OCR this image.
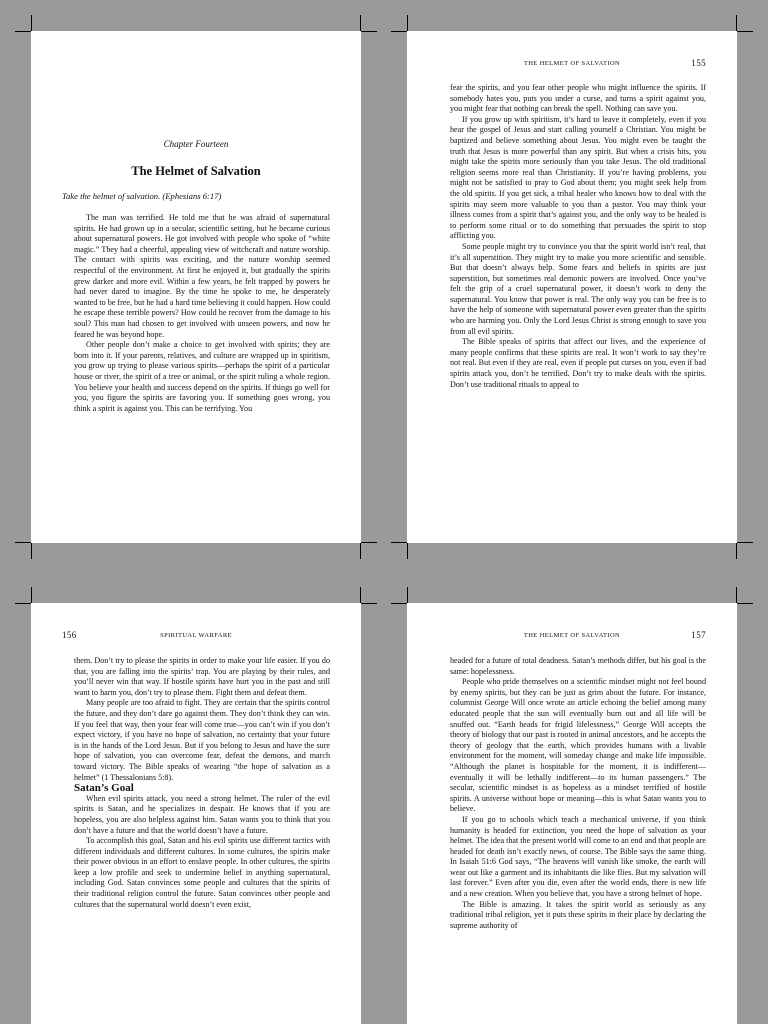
Chapter Fourteen
The Helmet of Salvation
Take the helmet of salvation. (Ephesians 6:17)

The man was terrified. He told me that he was afraid of supernatural spirits. He had grown up in a secular, scientific setting, but he became curious about supernatural powers. He got involved with people who spoke of “white magic.” They had a cheerful, appealing view of witchcraft and nature worship. The contact with spirits was exciting, and the nature worship seemed respectful of the environment. At first he enjoyed it, but gradually the spirits grew darker and more evil. Within a few years, he felt trapped by powers he had never dared to imagine. By the time he spoke to me, he desperately wanted to be free, but he had a hard time believing it could happen. How could he escape these terrible powers? How could he recover from the damage to his soul? This man had chosen to get involved with unseen powers, and now he feared he was beyond hope.

Other people don’t make a choice to get involved with spirits; they are born into it. If your parents, relatives, and culture are wrapped up in spiritism, you grow up trying to please various spirits—perhaps the spirit of a particular house or river, the spirit of a tree or animal, or the spirit ruling a whole region. You believe your health and success depend on the spirits. If things go well for you, you figure the spirits are favoring you. If something goes wrong, you think a spirit is against you. This can be terrifying. You

THE HELMET OF SALVATION	155

fear the spirits, and you fear other people who might influence the spirits. If somebody hates you, puts you under a curse, and turns a spirit against you, you might fear that nothing can break the spell. Nothing can save you.

If you grow up with spiritism, it’s hard to leave it completely, even if you hear the gospel of Jesus and start calling yourself a Christian. You might be baptized and believe something about Jesus. You might even be taught the truth that Jesus is more powerful than any spirit. But when a crisis hits, you might take the spirits more seriously than you take Jesus. The old traditional religion seems more real than Christianity. If you’re having problems, you might not be satisfied to pray to God about them; you might seek help from the old spirits. If you get sick, a tribal healer who knows how to deal with the spirits may seem more valuable to you than a pastor. You may think your illness comes from a spirit that’s against you, and the only way to be healed is to perform some ritual or to do something that persuades the spirit to stop afflicting you.

Some people might try to convince you that the spirit world isn’t real, that it’s all superstition. They might try to make you more scientific and sensible. But that doesn’t always help. Some fears and beliefs in spirits are just superstition, but sometimes real demonic powers are involved. Once you’ve felt the grip of a cruel supernatural power, it doesn’t work to deny the supernatural. You know that power is real. The only way you can be free is to have the help of someone with supernatural power even greater than the spirits who are harming you. Only the Lord Jesus Christ is strong enough to save you from all evil spirits.

The Bible speaks of spirits that affect our lives, and the experience of many people confirms that these spirits are real. It won’t work to say they’re not real. But even if they are real, even if people put curses on you, even if bad spirits attack you, don’t be terrified. Don’t try to make deals with the spirits. Don’t use traditional rituals to appeal to

156	SPIRITUAL WARFARE

them. Don’t try to please the spirits in order to make your life easier. If you do that, you are falling into the spirits’ trap. You are playing by their rules, and you’ll never win that way. If hostile spirits have hurt you in the past and still want to harm you, don’t try to please them. Fight them and defeat them.

Many people are too afraid to fight. They are certain that the spirits control the future, and they don’t dare go against them. They don’t think they can win. If you feel that way, then your fear will come true—you can’t win if you don’t expect victory, if you have no hope of salvation, no certainty that your future is in the hands of the Lord Jesus. But if you belong to Jesus and have the sure hope of salvation, you can overcome fear, defeat the demons, and march toward victory. The Bible speaks of wearing “the hope of salvation as a helmet” (1 Thessalonians 5:8).

Satan’s Goal

When evil spirits attack, you need a strong helmet. The ruler of the evil spirits is Satan, and he specializes in despair. He knows that if you are hopeless, you are also helpless against him. Satan wants you to think that you don’t have a future and that the world doesn’t have a future.

To accomplish this goal, Satan and his evil spirits use different tactics with different individuals and different cultures. In some cultures, the spirits make their power obvious in an effort to enslave people. In other cultures, the spirits keep a low profile and seek to undermine belief in anything supernatural, including God. Satan convinces some people and cultures that the spirits of their traditional religion control the future. Satan convinces other people and cultures that the supernatural world doesn’t even exist,

THE HELMET OF SALVATION	157

headed for a future of total deadness. Satan’s methods differ, but his goal is the same: hopelessness.

People who pride themselves on a scientific mindset might not feel bound by enemy spirits, but they can be just as grim about the future. For instance, columnist George Will once wrote an article echoing the belief among many educated people that the sun will eventually burn out and all life will be snuffed out. “Earth heads for frigid lifelessness,” George Will accepts the theory of biology that our past is rooted in animal ancestors, and he accepts the theory of geology that the earth, which provides humans with a livable environment for the moment, will someday change and make life impossible. “Although the planet is hospitable for the moment, it is indifferent—eventually it will be lethally indifferent—to its human passengers.” The secular, scientific mindset is as hopeless as a mindset terrified of hostile spirits. A universe without hope or meaning—this is what Satan wants you to believe.

If you go to schools which teach a mechanical universe, if you think humanity is headed for extinction, you need the hope of salvation as your helmet. The idea that the present world will come to an end and that people are headed for death isn’t exactly news, of course. The Bible says the same thing. In Isaiah 51:6 God says, “The heavens will vanish like smoke, the earth will wear out like a garment and its inhabitants die like flies. But my salvation will last forever.” Even after you die, even after the world ends, there is new life and a new creation. When you believe that, you have a strong helmet of hope.

The Bible is amazing. It takes the spirit world as seriously as any traditional tribal religion, yet it puts these spirits in their place by declaring the supreme authority of
